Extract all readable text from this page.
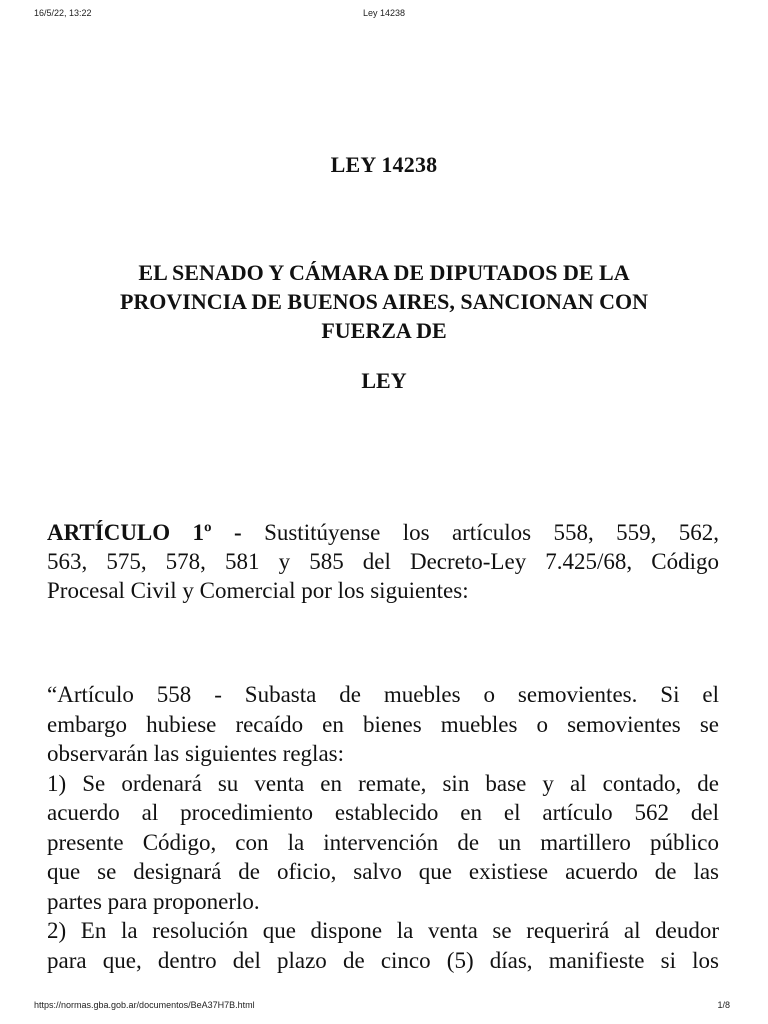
16/5/22, 13:22	Ley 14238
LEY 14238
EL SENADO Y CÁMARA DE DIPUTADOS DE LA
PROVINCIA DE BUENOS AIRES, SANCIONAN CON
FUERZA DE
LEY
ARTÍCULO 1º - Sustitúyense los artículos 558, 559, 562,
563, 575, 578, 581 y 585 del Decreto-Ley 7.425/68, Código
Procesal Civil y Comercial por los siguientes:
“Artículo 558 - Subasta de muebles o semovientes. Si el
embargo hubiese recaído en bienes muebles o semovientes se
observarán las siguientes reglas:
1) Se ordenará su venta en remate, sin base y al contado, de
acuerdo al procedimiento establecido en el artículo 562 del
presente Código, con la intervención de un martillero público
que se designará de oficio, salvo que existiese acuerdo de las
partes para proponerlo.
2) En la resolución que dispone la venta se requerirá al deudor
para que, dentro del plazo de cinco (5) días, manifieste si los
https://normas.gba.gob.ar/documentos/BeA37H7B.html	1/8
